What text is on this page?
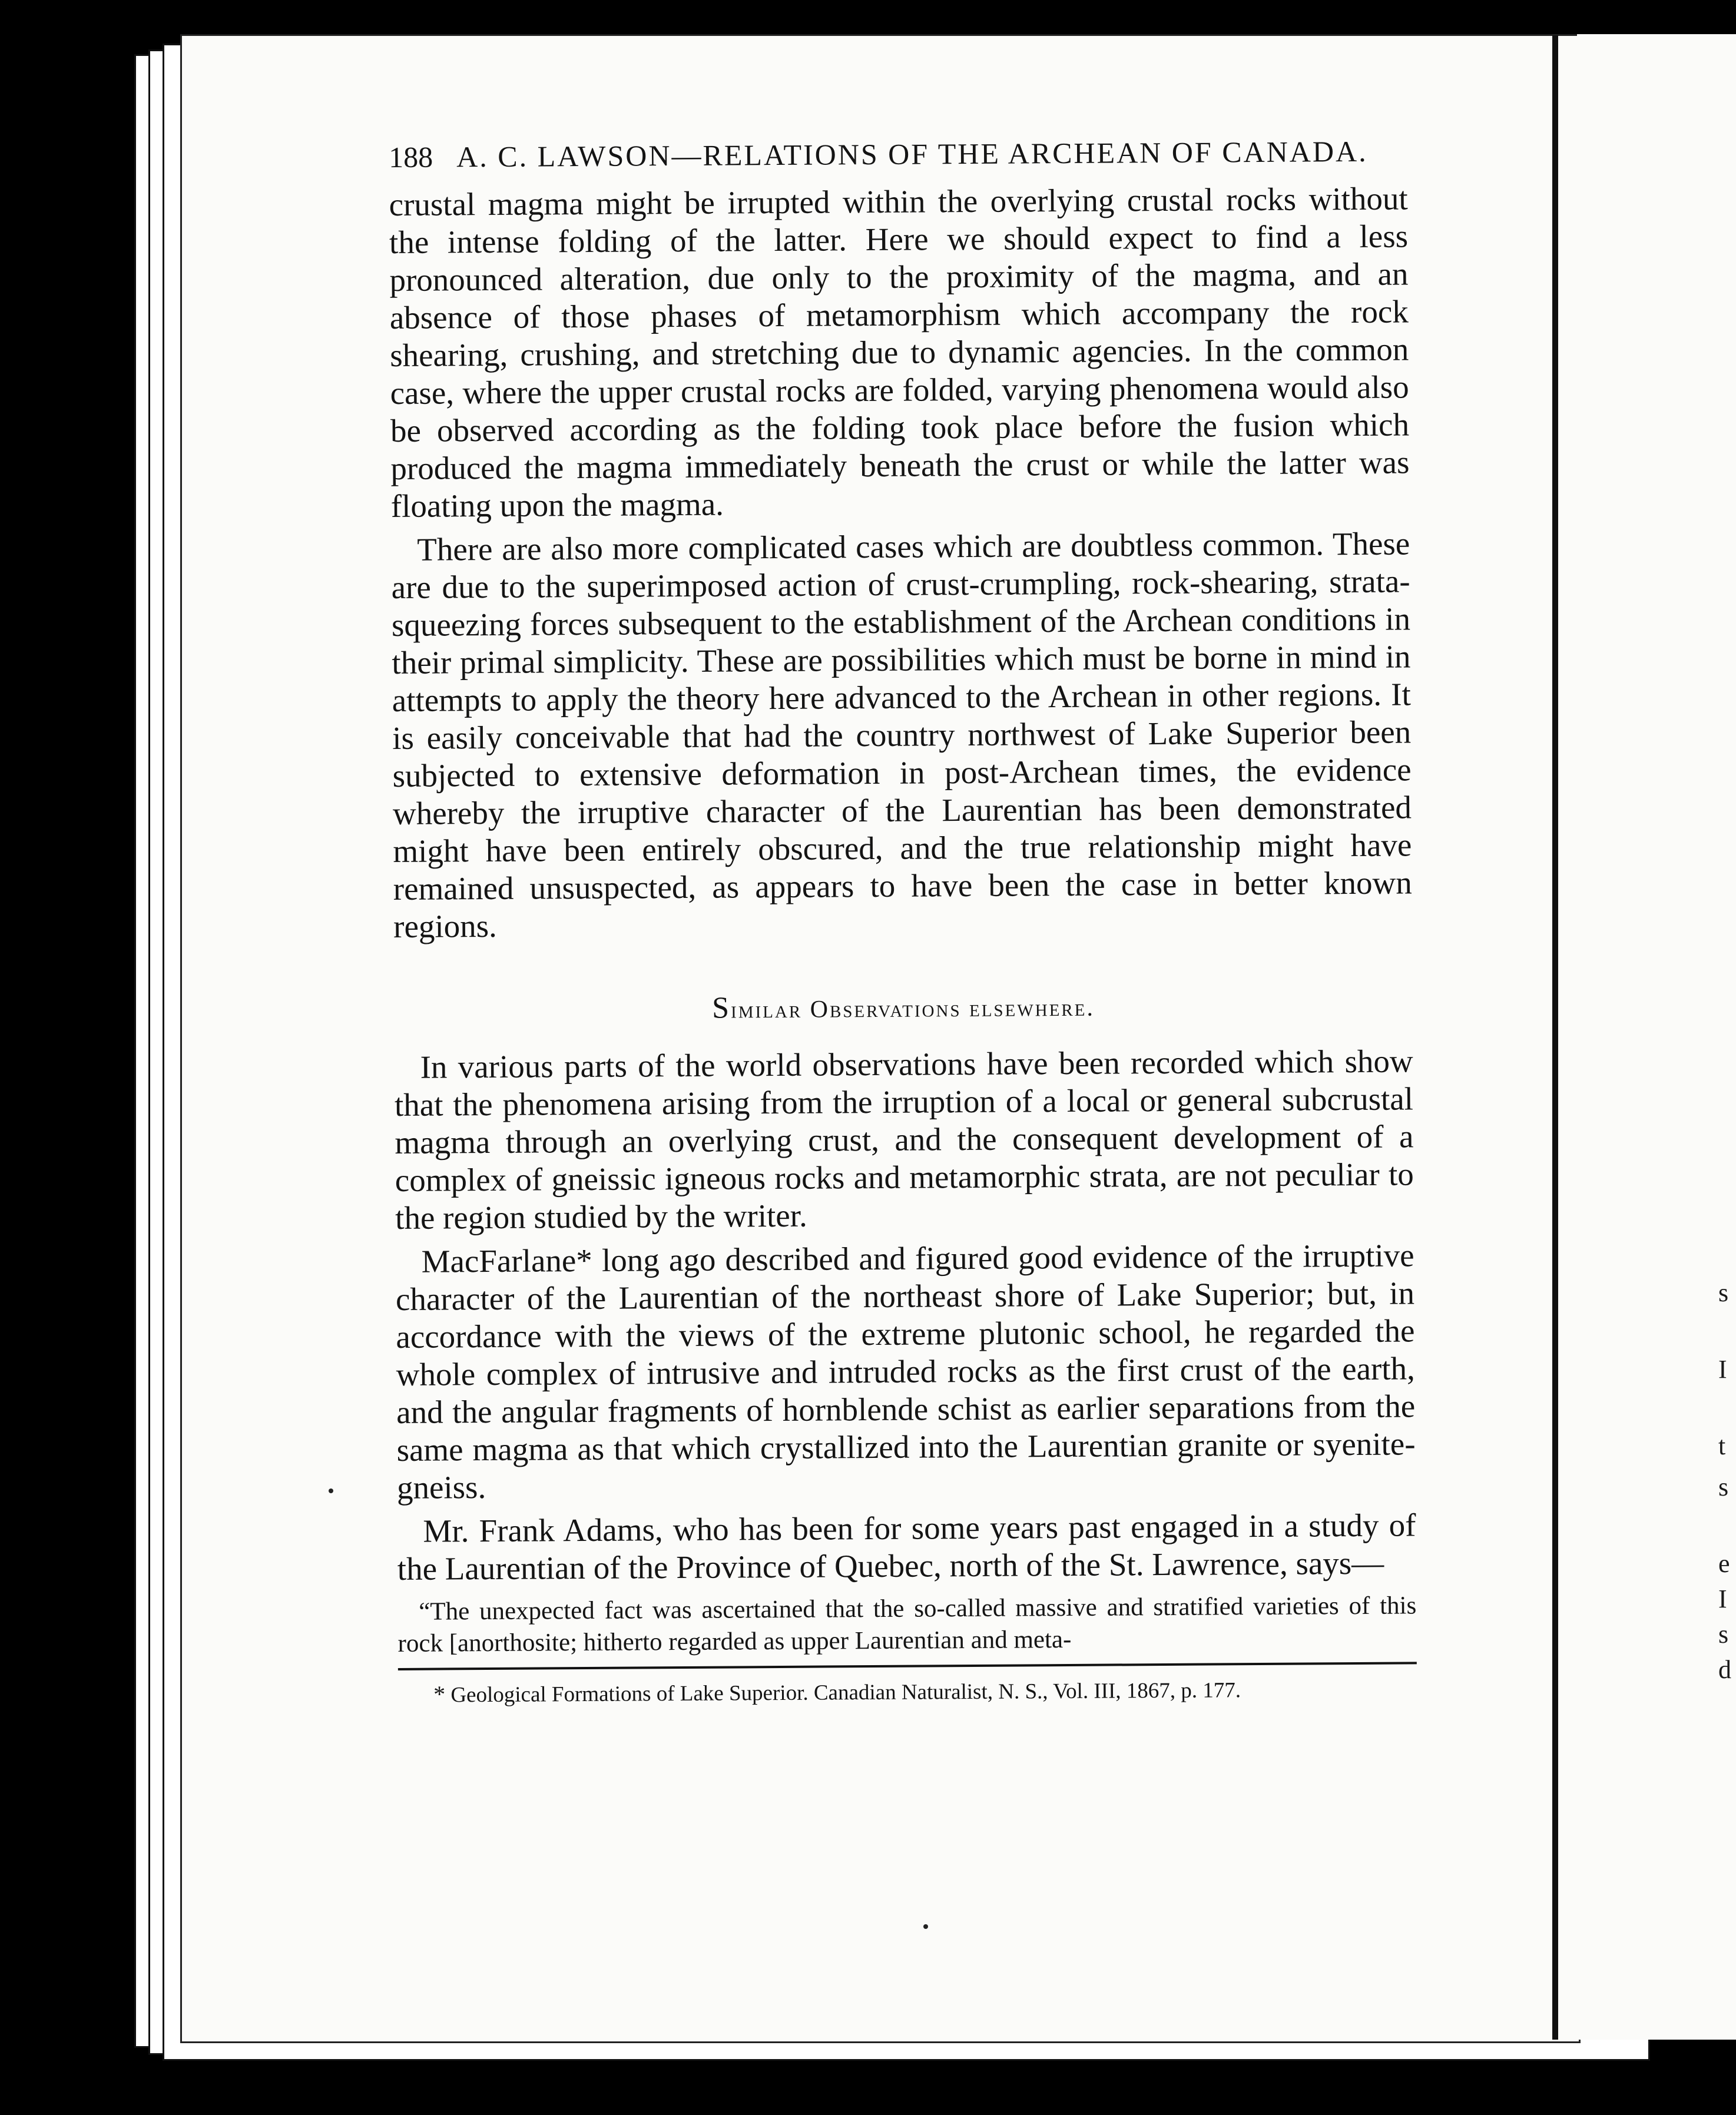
188 A. C. LAWSON—RELATIONS OF THE ARCHEAN OF CANADA.

crustal magma might be irrupted within the overlying crustal rocks without the intense folding of the latter. Here we should expect to find a less pronounced alteration, due only to the proximity of the magma, and an absence of those phases of metamorphism which accompany the rock shearing, crushing, and stretching due to dynamic agencies. In the common case, where the upper crustal rocks are folded, varying phenomena would also be observed according as the folding took place before the fusion which produced the magma immediately beneath the crust or while the latter was floating upon the magma.

There are also more complicated cases which are doubtless common. These are due to the superimposed action of crust-crumpling, rock-shearing, strata-squeezing forces subsequent to the establishment of the Archean conditions in their primal simplicity. These are possibilities which must be borne in mind in attempts to apply the theory here advanced to the Archean in other regions. It is easily conceivable that had the country northwest of Lake Superior been subjected to extensive deformation in post-Archean times, the evidence whereby the irruptive character of the Laurentian has been demonstrated might have been entirely obscured, and the true relationship might have remained unsuspected, as appears to have been the case in better known regions.

Similar Observations elsewhere.

In various parts of the world observations have been recorded which show that the phenomena arising from the irruption of a local or general subcrustal magma through an overlying crust, and the consequent development of a complex of gneissic igneous rocks and metamorphic strata, are not peculiar to the region studied by the writer.

MacFarlane* long ago described and figured good evidence of the irruptive character of the Laurentian of the northeast shore of Lake Superior; but, in accordance with the views of the extreme plutonic school, he regarded the whole complex of intrusive and intruded rocks as the first crust of the earth, and the angular fragments of hornblende schist as earlier separations from the same magma as that which crystallized into the Laurentian granite or syenite-gneiss.

Mr. Frank Adams, who has been for some years past engaged in a study of the Laurentian of the Province of Quebec, north of the St. Lawrence, says—

“The unexpected fact was ascertained that the so-called massive and stratified varieties of this rock [anorthosite; hitherto regarded as upper Laurentian and meta-

* Geological Formations of Lake Superior. Canadian Naturalist, N. S., Vol. III, 1867, p. 177.

s
I
t
s
e
I
s
d
